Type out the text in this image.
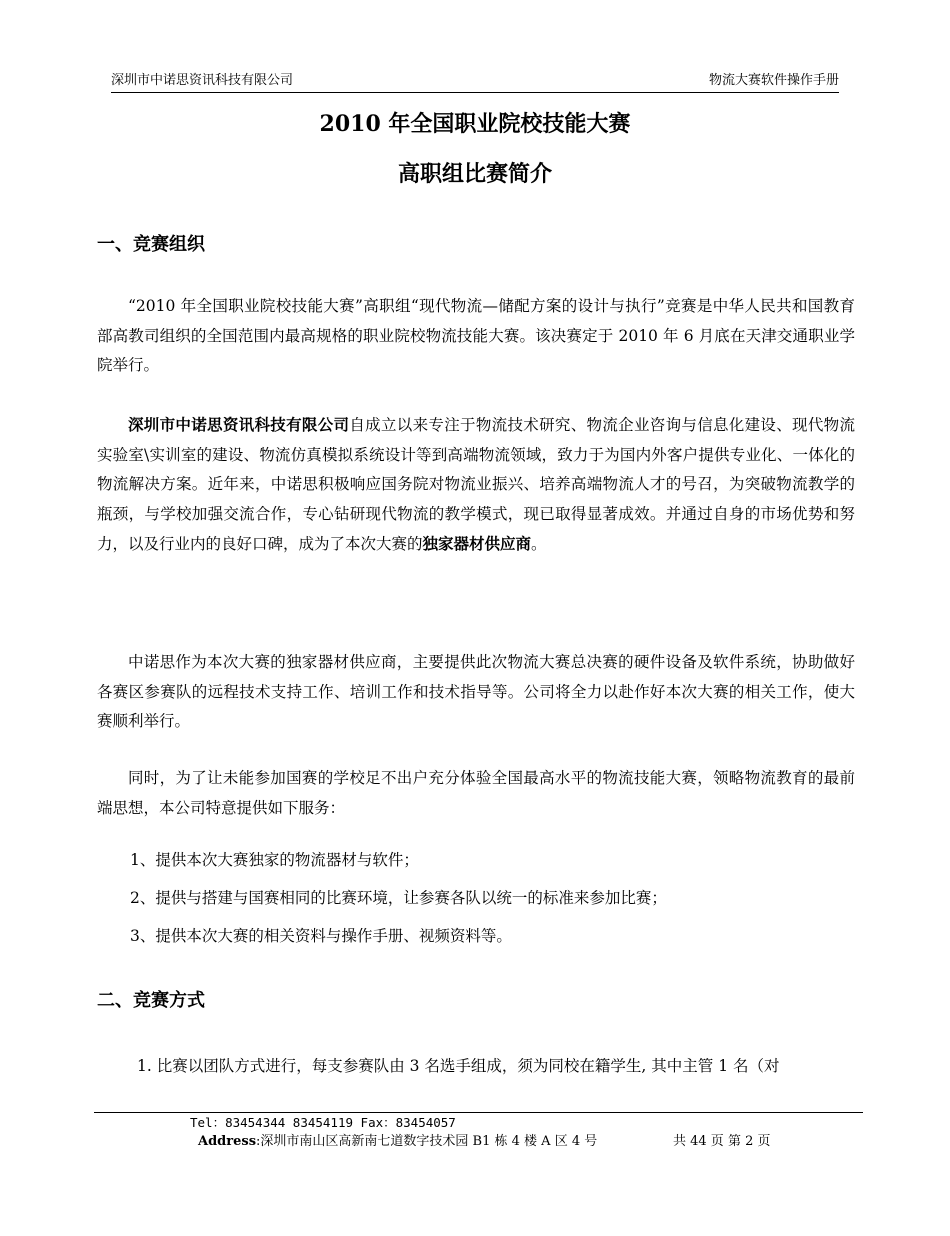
深圳市中诺思资讯科技有限公司	物流大赛软件操作手册
2010 年全国职业院校技能大赛
高职组比赛简介
一、竞赛组织
“2010 年全国职业院校技能大赛”高职组“现代物流—储配方案的设计与执行”竞赛是中华人民共和国教育部高教司组织的全国范围内最高规格的职业院校物流技能大赛。该决赛定于 2010 年 6 月底在天津交通职业学院举行。
深圳市中诺思资讯科技有限公司自成立以来专注于物流技术研究、物流企业咨询与信息化建设、现代物流实验室\实训室的建设、物流仿真模拟系统设计等到高端物流领域，致力于为国内外客户提供专业化、一体化的物流解决方案。近年来，中诺思积极响应国务院对物流业振兴、培养高端物流人才的号召，为突破物流教学的瓶颈，与学校加强交流合作，专心钻研现代物流的教学模式，现已取得显著成效。并通过自身的市场优势和努力，以及行业内的良好口碑，成为了本次大赛的独家器材供应商。
中诺思作为本次大赛的独家器材供应商，主要提供此次物流大赛总决赛的硬件设备及软件系统，协助做好各赛区参赛队的远程技术支持工作、培训工作和技术指导等。公司将全力以赴作好本次大赛的相关工作，使大赛顺利举行。
同时，为了让未能参加国赛的学校足不出户充分体验全国最高水平的物流技能大赛，领略物流教育的最前端思想，本公司特意提供如下服务：
1、提供本次大赛独家的物流器材与软件；
2、提供与搭建与国赛相同的比赛环境，让参赛各队以统一的标准来参加比赛；
3、提供本次大赛的相关资料与操作手册、视频资料等。
二、竞赛方式
1. 比赛以团队方式进行，每支参赛队由 3 名选手组成，须为同校在籍学生, 其中主管 1 名（对
Tel：83454344 83454119 Fax：83454057
Address:深圳市南山区高新南七道数字技术园 B1 栋 4 楼 A 区 4 号	共 44 页 第 2 页
